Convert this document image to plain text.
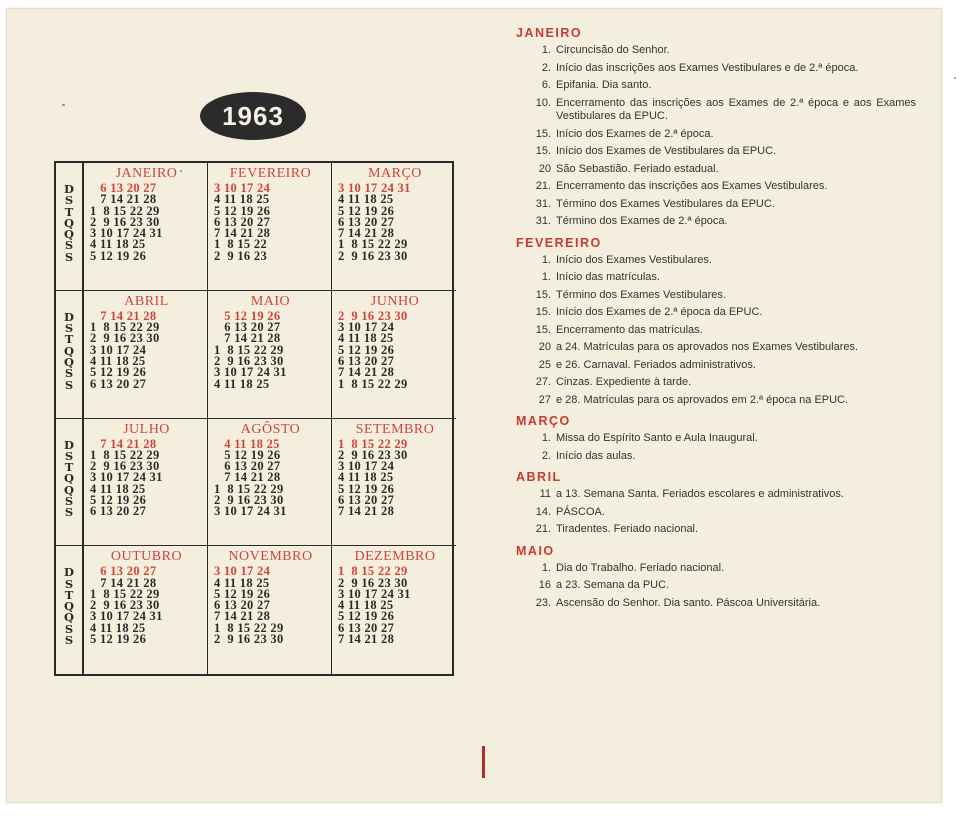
1963
D
S
T
Q
Q
S
S
JANEIRO
6 13 20 27
7 14 21 28
1  8 15 22 29
2  9 16 23 30
3 10 17 24 31
4 11 18 25
5 12 19 26
FEVEREIRO
3 10 17 24
4 11 18 25
5 12 19 26
6 13 20 27
7 14 21 28
1  8 15 22
2  9 16 23
MARÇO
3 10 17 24 31
4 11 18 25
5 12 19 26
6 13 20 27
7 14 21 28
1  8 15 22 29
2  9 16 23 30
D
S
T
Q
Q
S
S
ABRIL
7 14 21 28
1  8 15 22 29
2  9 16 23 30
3 10 17 24
4 11 18 25
5 12 19 26
6 13 20 27
MAIO
5 12 19 26
6 13 20 27
7 14 21 28
1  8 15 22 29
2  9 16 23 30
3 10 17 24 31
4 11 18 25
JUNHO
2  9 16 23 30
3 10 17 24
4 11 18 25
5 12 19 26
6 13 20 27
7 14 21 28
1  8 15 22 29
D
S
T
Q
Q
S
S
JULHO
7 14 21 28
1  8 15 22 29
2  9 16 23 30
3 10 17 24 31
4 11 18 25
5 12 19 26
6 13 20 27
AGÔSTO
4 11 18 25
5 12 19 26
6 13 20 27
7 14 21 28
1  8 15 22 29
2  9 16 23 30
3 10 17 24 31
SETEMBRO
1  8 15 22 29
2  9 16 23 30
3 10 17 24
4 11 18 25
5 12 19 26
6 13 20 27
7 14 21 28
D
S
T
Q
Q
S
S
OUTUBRO
6 13 20 27
7 14 21 28
1  8 15 22 29
2  9 16 23 30
3 10 17 24 31
4 11 18 25
5 12 19 26
NOVEMBRO
3 10 17 24
4 11 18 25
5 12 19 26
6 13 20 27
7 14 21 28
1  8 15 22 29
2  9 16 23 30
DEZEMBRO
1  8 15 22 29
2  9 16 23 30
3 10 17 24 31
4 11 18 25
5 12 19 26
6 13 20 27
7 14 21 28
JANEIRO
1. Circuncisão do Senhor.
2. Início das inscrições aos Exames Vestibulares e de 2.ª época.
6. Epifania. Dia santo.
10. Encerramento das inscrições aos Exames de 2.ª época e aos Exames Vestibulares da EPUC.
15. Início dos Exames de 2.ª época.
15. Início dos Exames de Vestibulares da EPUC.
20 São Sebastião. Feriado estadual.
21. Encerramento das inscrições aos Exames Vestibulares.
31. Término dos Exames Vestibulares da EPUC.
31. Término dos Exames de 2.ª época.
FEVEREIRO
1. Início dos Exames Vestibulares.
1. Início das matrículas.
15. Término dos Exames Vestibulares.
15. Início dos Exames de 2.ª época da EPUC.
15. Encerramento das matrículas.
20 a 24. Matrículas para os aprovados nos Exames Vestibulares.
25 e 26. Carnaval. Feriados administrativos.
27. Cinzas. Expediente à tarde.
27 e 28. Matrículas para os aprovados em 2.ª época na EPUC.
MARÇO
1. Missa do Espírito Santo e Aula Inaugural.
2. Início das aulas.
ABRIL
11 a 13. Semana Santa. Feriados escolares e administrativos.
14. PÁSCOA.
21. Tiradentes. Feriado nacional.
MAIO
1. Dia do Trabalho. Feriado nacional.
16 a 23. Semana da PUC.
23. Ascensão do Senhor. Dia santo. Páscoa Universitária.
